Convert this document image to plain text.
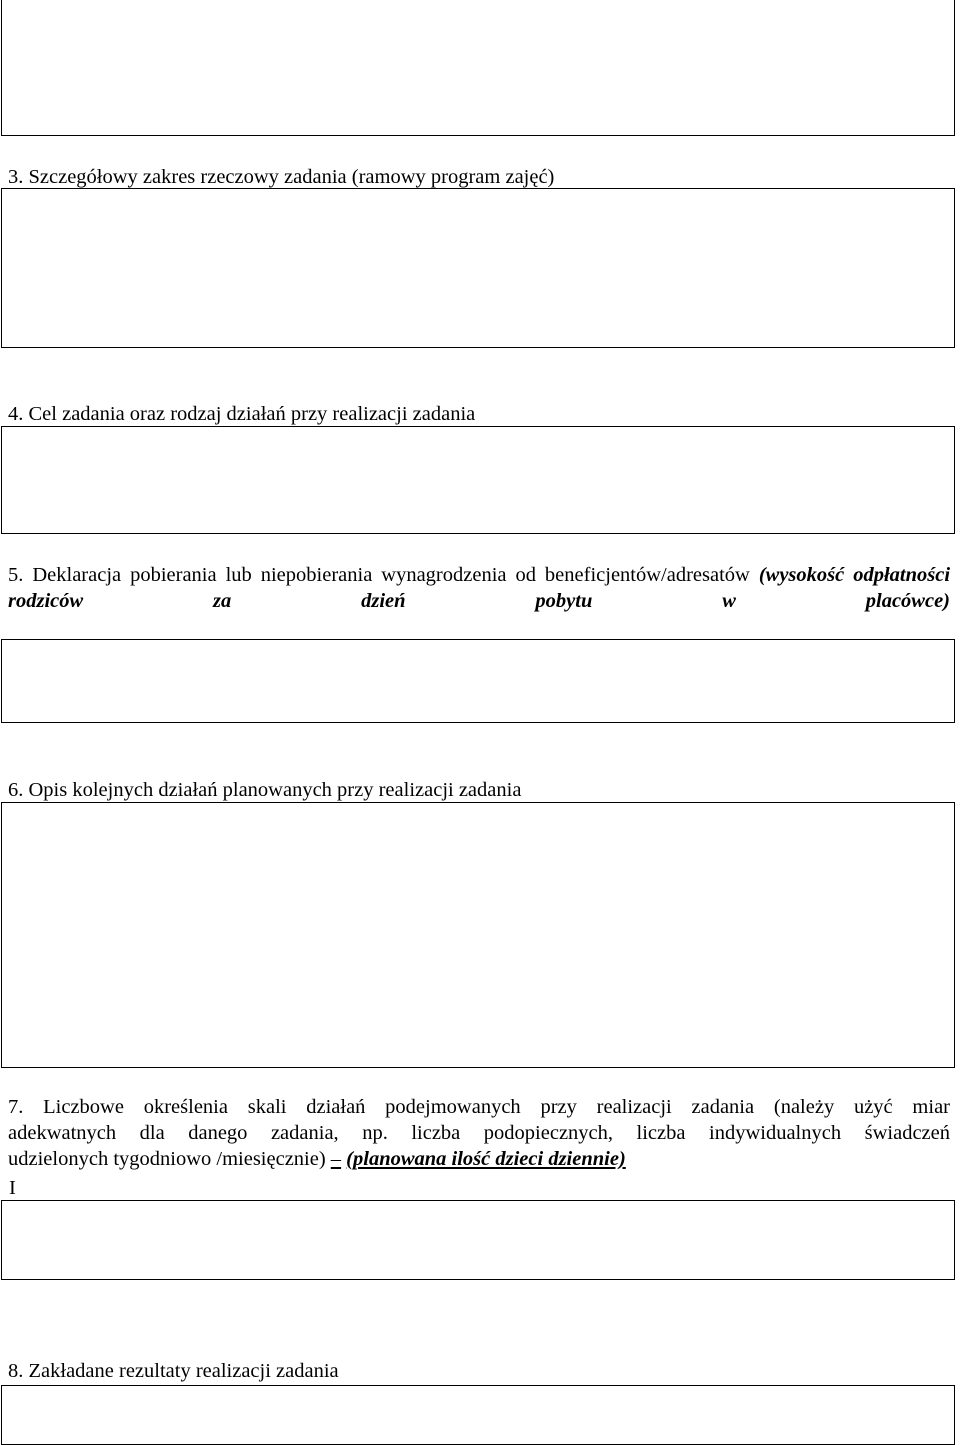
3. Szczegółowy zakres rzeczowy zadania (ramowy program zajęć)

4. Cel zadania oraz rodzaj działań przy realizacji zadania

5. Deklaracja pobierania lub niepobierania wynagrodzenia od beneficjentów/adresatów (wysokość odpłatności rodziców za dzień pobytu w placówce)

6. Opis kolejnych działań planowanych przy realizacji zadania

7. Liczbowe określenia skali działań podejmowanych przy realizacji zadania (należy użyć miar
adekwatnych dla danego zadania, np. liczba podopiecznych, liczba indywidualnych świadczeń
udzielonych tygodniowo /miesięcznie) – (planowana ilość dzieci dziennie)
I

8. Zakładane rezultaty realizacji zadania
